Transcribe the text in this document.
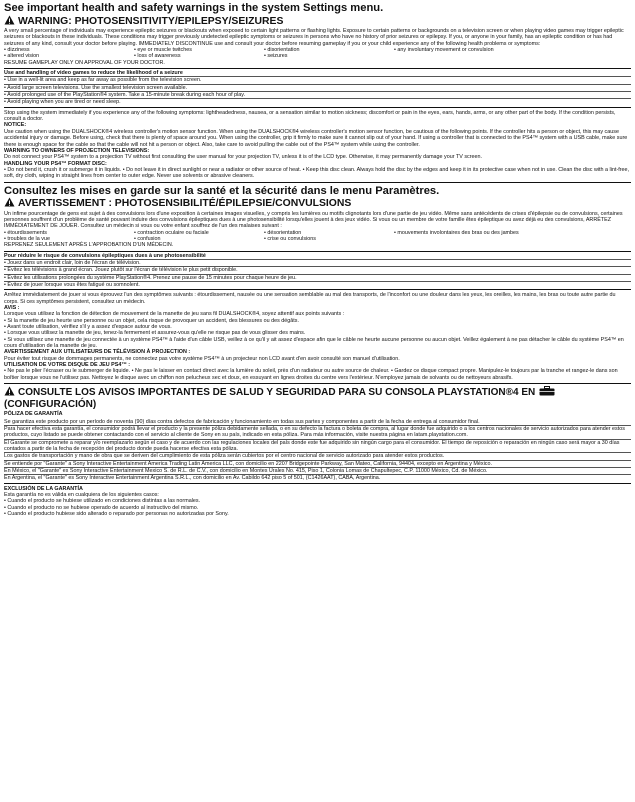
See important health and safety warnings in the system Settings menu.

WARNING: PHOTOSENSITIVITY/EPILEPSY/SEIZURES

A very small percentage of individuals may experience epileptic seizures or blackouts when exposed to certain light patterns or flashing lights. Exposure to certain patterns or backgrounds on a television screen or when playing video games may trigger epileptic seizures or blackouts in these individuals. These conditions may trigger previously undetected epileptic symptoms or seizures in persons who have no history of prior seizures or epilepsy. If you, or anyone in your family, has an epileptic condition or has had seizures of any kind, consult your doctor before playing. IMMEDIATELY DISCONTINUE use and consult your doctor before resuming gameplay if you or your child experience any of the following health problems or symptoms:

• dizziness	• eye or muscle twitches	• disorientation	• any involuntary movement or convulsion
• altered vision	• loss of awareness	• seizures

RESUME GAMEPLAY ONLY ON APPROVAL OF YOUR DOCTOR.

Use and handling of video games to reduce the likelihood of a seizure
• Use in a well-lit area and keep as far away as possible from the television screen.
• Avoid large screen televisions. Use the smallest television screen available.
• Avoid prolonged use of the PlayStation®4 system. Take a 15-minute break during each hour of play.
• Avoid playing when you are tired or need sleep.

Stop using the system immediately if you experience any of the following symptoms: lightheadedness, nausea, or a sensation similar to motion sickness; discomfort or pain in the eyes, ears, hands, arms, or any other part of the body. If the condition persists, consult a doctor.

NOTICE:

Use caution when using the DUALSHOCK®4 wireless controller's motion sensor function. When using the DUALSHOCK®4 wireless controller's motion sensor function, be cautious of the following points. If the controller hits a person or object, this may cause accidental injury or damage. Before using, check that there is plenty of space around you. When using the controller, grip it firmly to make sure it cannot slip out of your hand. If using a controller that is connected to the PS4™ system with a USB cable, make sure there is enough space for the cable so that the cable will not hit a person or object. Also, take care to avoid pulling the cable out of the PS4™ system while using the controller.

WARNING TO OWNERS OF PROJECTION TELEVISIONS:

Do not connect your PS4™ system to a projection TV without first consulting the user manual for your projection TV, unless it is of the LCD type. Otherwise, it may permanently damage your TV screen.

HANDLING YOUR PS4™ FORMAT DISC:

• Do not bend it, crush it or submerge it in liquids. • Do not leave it in direct sunlight or near a radiator or other source of heat. • Keep this disc clean. Always hold the disc by the edges and keep it in its protective case when not in use. Clean the disc with a lint-free, soft, dry cloth, wiping in straight lines from center to outer edge. Never use solvents or abrasive cleaners.

Consultez les mises en garde sur la santé et la sécurité dans le menu Paramètres.

AVERTISSEMENT : PHOTOSENSIBILITÉ/ÉPILEPSIE/CONVULSIONS

Un infime pourcentage de gens est sujet à des convulsions lors d'une exposition à certaines images visuelles, y compris les lumières ou motifs clignotants lors d'une partie de jeu vidéo. Même sans antécédents de crises d'épilepsie ou de convulsions, certaines personnes souffrent d'un problème de santé pouvant induire des convulsions épileptiques dues à une photosensibilité lorsqu'elles jouent à des jeux vidéo. Si vous ou un membre de votre famille êtes épileptique ou avez déjà eu des convulsions, ARRÊTEZ IMMÉDIATEMENT DE JOUER. Consultez un médecin si vous ou votre enfant souffrez de l'un des malaises suivant :

• étourdissements	• contraction oculaire ou faciale	• désorientation	• mouvements involontaires des bras ou des jambes
• troubles de la vue	• confusion	• crise ou convulsions

REPRENEZ SEULEMENT APRÈS L'APPROBATION D'UN MÉDECIN.

Pour réduire le risque de convulsions épileptiques dues à une photosensibilité
• Jouez dans un endroit clair, loin de l'écran de télévision.
• Évitez les télévisions à grand écran. Jouez plutôt sur l'écran de télévision le plus petit disponible.
• Évitez les utilisations prolongées du système PlayStation®4. Prenez une pause de 15 minutes pour chaque heure de jeu.
• Évitez de jouer lorsque vous êtes fatigué ou somnolent.

Arrêtez immédiatement de jouer si vous éprouvez l'un des symptômes suivants : étourdissement, nausée ou une sensation semblable au mal des transports, de l'inconfort ou une douleur dans les yeux, les oreilles, les mains, les bras ou toute autre partie du corps. Si ces symptômes persistent, consultez un médecin.

AVIS :

Lorsque vous utilisez la fonction de détection de mouvement de la manette de jeu sans fil DUALSHOCK®4, soyez attentif aux points suivants :

• Si la manette de jeu heurte une personne ou un objet, cela risque de provoquer un accident, des blessures ou des dégâts.
• Avant toute utilisation, vérifiez s'il y a assez d'espace autour de vous.
• Lorsque vous utilisez la manette de jeu, tenez-la fermement et assurez-vous qu'elle ne risque pas de vous glisser des mains.
• Si vous utilisez une manette de jeu connectée à un système PS4™ à l'aide d'un câble USB, veillez à ce qu'il y ait assez d'espace afin que le câble ne heurte aucune personne ou aucun objet. Veillez également à ne pas détacher le câble du système PS4™ en cours d'utilisation de la manette de jeu.

AVERTISSEMENT AUX UTILISATEURS DE TÉLÉVISION À PROJECTION :

Pour éviter tout risque de dommages permanents, ne connectez pas votre système PS4™ à un projecteur non LCD avant d'en avoir consulté son manuel d'utilisation.

UTILISATION DE VOTRE DISQUE DE JEU PS4™ :

• Ne pas le plier l'écraser ou le submerger de liquide. • Ne pas le laisser en contact direct avec la lumière du soleil, près d'un radiateur ou autre source de chaleur. • Gardez ce disque compact propre. Manipulez-le toujours par la tranche et rangez-le dans son boîtier lorsque vous ne l'utilisez pas. Nettoyez le disque avec un chiffon non pelucheux sec et doux, en essuyant en lignes droites du centre vers l'extérieur. N'employez jamais de solvants ou de nettoyeurs abrasifs.

CONSULTE LOS AVISOS IMPORTANTES DE SALUD Y SEGURIDAD PARA SU CONSOLA PLAYSTATION®4 EN (CONFIGURACIÓN)

PÓLIZA DE GARANTÍA

Se garantiza este producto por un período de noventa (90) días contra defectos de fabricación y funcionamiento en todas sus partes y componentes a partir de la fecha de entrega al consumidor final.
Para hacer efectiva esta garantía, el consumidor podrá llevar el producto y la presente póliza debidamente sellada, o en su defecto la factura o boleta de compra, al lugar donde fue adquirido o a los centros nacionales de servicio autorizados para atender estos productos, cuyo listado se puede obtener contactando con el servicio al cliente de Sony en su país, indicado en esta póliza. Para más información, visite nuestra página en latam.playstation.com.
El Garante se compromete a reparar y/o reemplazarlo según el caso y de acuerdo con las regulaciones locales del país donde este fue adquirido sin ningún cargo para el consumidor. El tiempo de reposición o reparación en ningún caso será mayor a 30 días contados a partir de la fecha de recepción del producto donde pueda hacerse efectiva esta póliza.
Los gastos de transportación y mano de obra que se deriven del cumplimiento de esta póliza serán cubiertos por el centro nacional de servicio autorizado para atender estos productos.
Se entiende por "Garante" a Sony Interactive Entertainment America Trading Latin America LLC, con domicilio en 2207 Bridgepointe Parkway, San Mateo, California, 94404, excepto en Argentina y México.
En México, el "Garante" es Sony Interactive Entertainment Mexico S. de R.L. de C.V., con domicilio en Montes Urales No. 415, Piso 1, Colonia Lomas de Chapultepec, C.P. 11000 México, Cd. de México.
En Argentina, el "Garante" es Sony Interactive Entertainment Argentina S.R.L., con domicilio en Av. Cabildo 642 piso 5 of 501, (C1426AAT), CABA, Argentina.

EXCLUSIÓN DE LA GARANTÍA

Esta garantía no es válida en cualquiera de los siguientes casos:

• Cuando el producto se hubiese utilizado en condiciones distintas a las normales.
• Cuando el producto no se hubiese operado de acuerdo al instructivo del mismo.
• Cuando el producto hubiese sido alterado o reparado por personas no autorizadas por Sony.
